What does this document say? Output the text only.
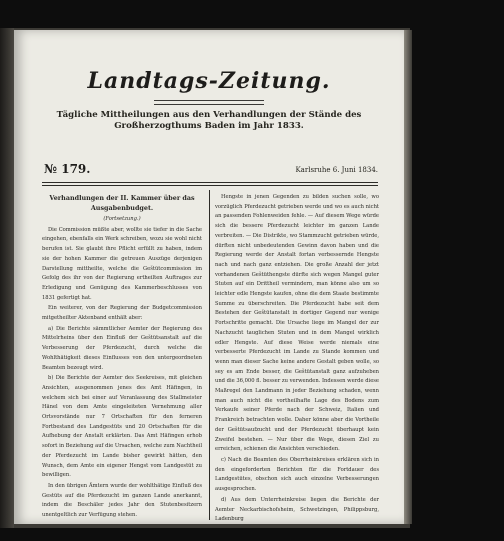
Landtags-Zeitung.
Tägliche Mittheilungen aus den Verhandlungen der Stände des Großherzogthums Baden im Jahr 1833.
№ 179.	Karlsruhe 6. Juni 1834.
Verhandlungen der II. Kammer über das
Ausgabenbudget.
(Fortsetzung.)

Die Commission müßte aber, wollte sie tiefer in die Sache eingehen, ebenfalls ein Werk schreiben, wozu sie wohl nicht berufen ist. Sie glaubt ihre Pflicht erfüllt zu haben, indem sie der hohen Kammer die getreuen Auszüge derjenigen Darstellung mittheilte, welche die Geštütcommission im Gefolg des ihr von der Regierung ertheilten Auftrages zur Erledigung und Genügung des Kammerbeschlusses von 1831 gefertigt hat.

Ein weiterer, von der Regierung der Budgetcommission mitgetheilter Aktenband enthält aber:

a) Die Berichte sämmtlicher Aemter der Regierung des Mittelrheins über den Einfluß der Geštütsanstalt auf die Verbesserung der Pferdezucht, durch welche die Wohlthätigkeit dieses Einflusses von den untergeordneten Beamten bezeugt wird.

b) Die Berichte der Aemter des Seekreises, mit gleichen Ansichten, ausgenommen jenes des Amt Häfingen, in welchem sich bei einer auf Veranlassung des Stallmeister Hänel von dem Amte eingeleiteten Vernehmung aller Ortsvorstände nur 7 Ortschaften für den ferneren Fortbestand des Landgestüts und 20 Ortschaften für die Aufhebung der Anstalt erklärten. Das Amt Häfingen erhob sofort in Beziehung auf die Ursachen, welche zum Nachtheil der Pferdezucht im Lande bisher gewirkt hätten, den Wunsch, dem Amte ein eigener Hengst vom Landgestüt zu bewilligen.

In den übrigen Ämtern wurde der wohlthätige Einfluß des Gestüts auf die Pferdezucht im ganzen Lande anerkannt, indem die Beschäler jedes Jahr den Stutenbesitzern unentgeltlich zur Verfügung stehen.

Hengste in jenen Gegenden zu bilden suchen solle, wo vorzüglich Pferdezucht getrieben werde und wo es auch nicht an passenden Fohlenweiden fehle. — Auf diesem Wege würde sich die bessere Pferdezucht leichter im ganzen Lande verbreiten. — Die Distrikte, wo Stammzucht getrieben würde, dürften nicht unbedeutenden Gewinn davon haben und die Regierung werde der Anstalt fortan verbessernde Hengste nach und nach ganz entziehen. Die große Anzahl der jetzt vorhandenen Geštüthengste dürfte sich wegen Mangel guter Stuten auf ein Drittheil vermindern, man könne also um so leichter edle Hengste kaufen, ohne die dem Staate bestimmte Summe zu überschreiten. Die Pferdezucht habe seit dem Bestehen der Geštütanstalt in dortiger Gegend nur wenige Fortschritte gemacht. Die Ursache liege im Mangel der zur Nachzucht tauglichen Stuten und in dem Mangel wirklich edler Hengste. Auf diese Weise werde niemals eine verbesserte Pferdezucht im Lande zu Stande kommen und wenn man dieser Sache keine andere Gestalt geben wolle, so sey es am Ende besser, die Geštütanstalt ganz aufzuheben und die 36,000 fl. besser zu verwenden. Indessen werde diese Maßregel den Landmann in jeder Beziehung schaden, wenn man auch nicht die vortheilhafte Lage des Bodens zum Verkaufe seiner Pferde nach der Schweiz, Italien und Frankreich betrachten wolle. Daher könne aber die Vortheile der Geštütsaufzucht und der Pferdezucht überhaupt kein Zweifel bestehen. — Nur über die Wege, diesen Ziel zu erreichen, schienen die Ansichten verschieden.

c) Nach die Beamten des Oberrheinkreises erklären sich in den eingeforderten Berichten für die Fortdauer des Landgestütes, obschon sich auch einzelne Verbesserungen ausgesprochen.

d) Aus dem Unterrheinkreise liegen die Berichte der Aemter Neckarbischofsheim, Schwetzingen, Philippsburg, Ladenburg
